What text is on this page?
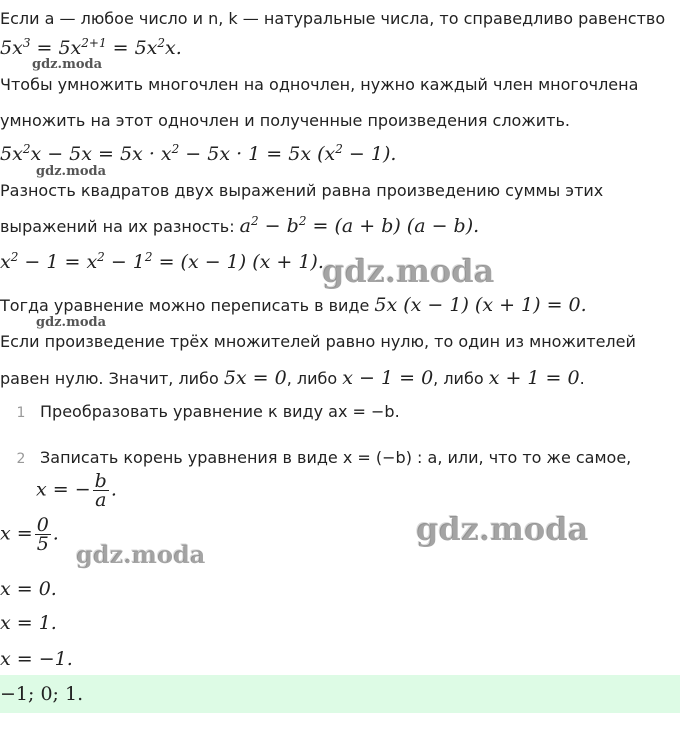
Если a — любое число и n, k — натуральные числа, то справедливо равенство
$5x^3 = 5x^{2+1} = 5x^2x$.
gdz.moda
Чтобы умножить многочлен на одночлен, нужно каждый член многочлена
умножить на этот одночлен и полученные произведения сложить.
$5x^2x - 5x = 5x \cdot x^2 - 5x \cdot 1 = 5x$ $(x^2 - 1)$.
gdz.moda
Разность квадратов двух выражений равна произведению суммы этих
выражений на их разность: $a^2 - b^2 = (a + b) (a - b)$.
$x^2 - 1 = x^2 - 1^2 = (x - 1) (x + 1)$.
gdz.moda
Тогда уравнение можно переписать в виде 5x (x − 1) (x + 1) = 0.
gdz.moda
Если произведение трёх множителей равно нулю, то один из множителей
равен нулю. Значит, либо 5x = 0, либо x − 1 = 0, либо x + 1 = 0.
1 Преобразовать уравнение к виду ax = −b.
2 Записать корень уравнения в виде x = (−b) : a, или, что то же самое,
x = − $\frac{b}{a}$ .
gdz.moda
$x = \frac{0}{5}$ .
gdz.moda
x = 0.
x = 1.
x = −1.
−1; 0; 1.
